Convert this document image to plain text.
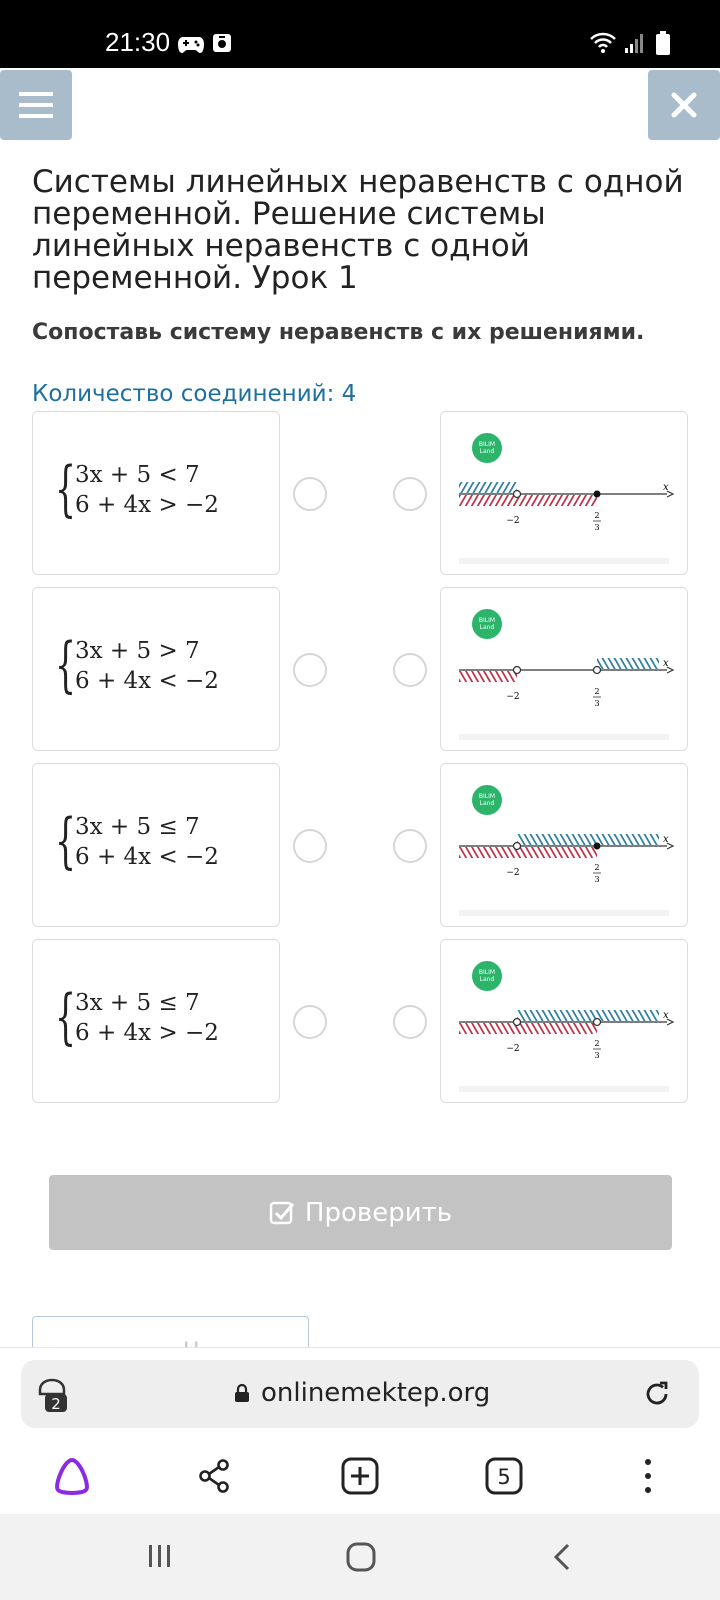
21:30
Системы линейных неравенств с одной переменной. Решение системы линейных неравенств с одной переменной. Урок 1
Сопоставь систему неравенств с их решениями.
Количество соединений: 4
{
3x + 5 < 7
6 + 4x > −2
BILIM
Land
x
−2
2
3
{
3x + 5 > 7
6 + 4x < −2
BILIM
Land
x
−2
2
3
{
3x + 5 ≤ 7
6 + 4x < −2
BILIM
Land
x
−2
2
3
{
3x + 5 ≤ 7
6 + 4x > −2
BILIM
Land
x
−2
2
3
Проверить
2	onlinemektep.org
5
